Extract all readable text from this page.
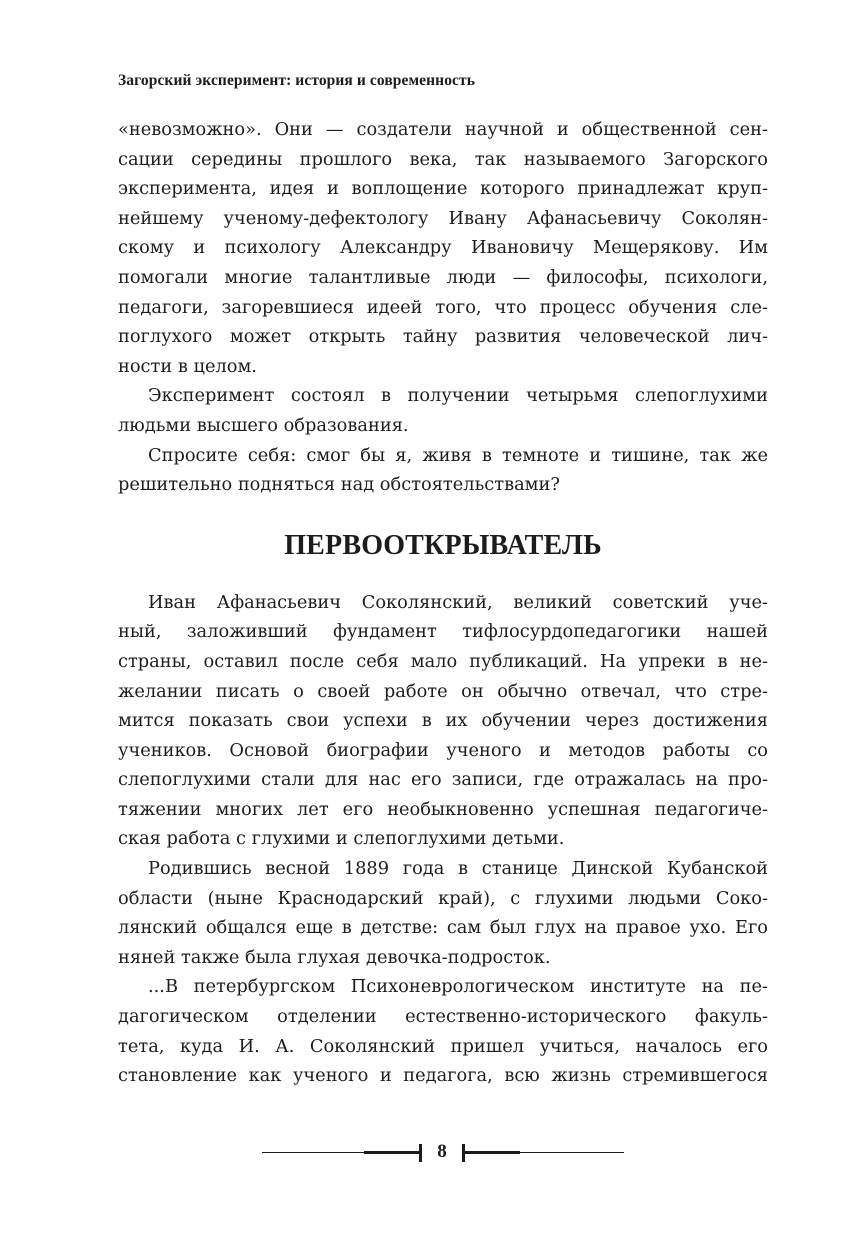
Загорский эксперимент: история и современность
«невозможно». Они — создатели научной и общественной сен-
сации середины прошлого века, так называемого Загорского
эксперимента, идея и воплощение которого принадлежат круп-
нейшему ученому-дефектологу Ивану Афанасьевичу Соколян-
скому и психологу Александру Ивановичу Мещерякову. Им
помогали многие талантливые люди — философы, психологи,
педагоги, загоревшиеся идеей того, что процесс обучения сле-
поглухого может открыть тайну развития человеческой лич-
ности в целом.
Эксперимент состоял в получении четырьмя слепоглухими
людьми высшего образования.
Спросите себя: смог бы я, живя в темноте и тишине, так же
решительно подняться над обстоятельствами?
ПЕРВООТКРЫВАТЕЛЬ
Иван Афанасьевич Соколянский, великий советский уче-
ный, заложивший фундамент тифлосурдопедагогики нашей
страны, оставил после себя мало публикаций. На упреки в не-
желании писать о своей работе он обычно отвечал, что стре-
мится показать свои успехи в их обучении через достижения
учеников. Основой биографии ученого и методов работы со
слепоглухими стали для нас его записи, где отражалась на про-
тяжении многих лет его необыкновенно успешная педагогиче-
ская работа с глухими и слепоглухими детьми.
Родившись весной 1889 года в станице Динской Кубанской
области (ныне Краснодарский край), с глухими людьми Соко-
лянский общался еще в детстве: сам был глух на правое ухо. Его
няней также была глухая девочка-подросток.
...В петербургском Психоневрологическом институте на пе-
дагогическом отделении естественно-исторического факуль-
тета, куда И. А. Соколянский пришел учиться, началось его
становление как ученого и педагога, всю жизнь стремившегося
8
